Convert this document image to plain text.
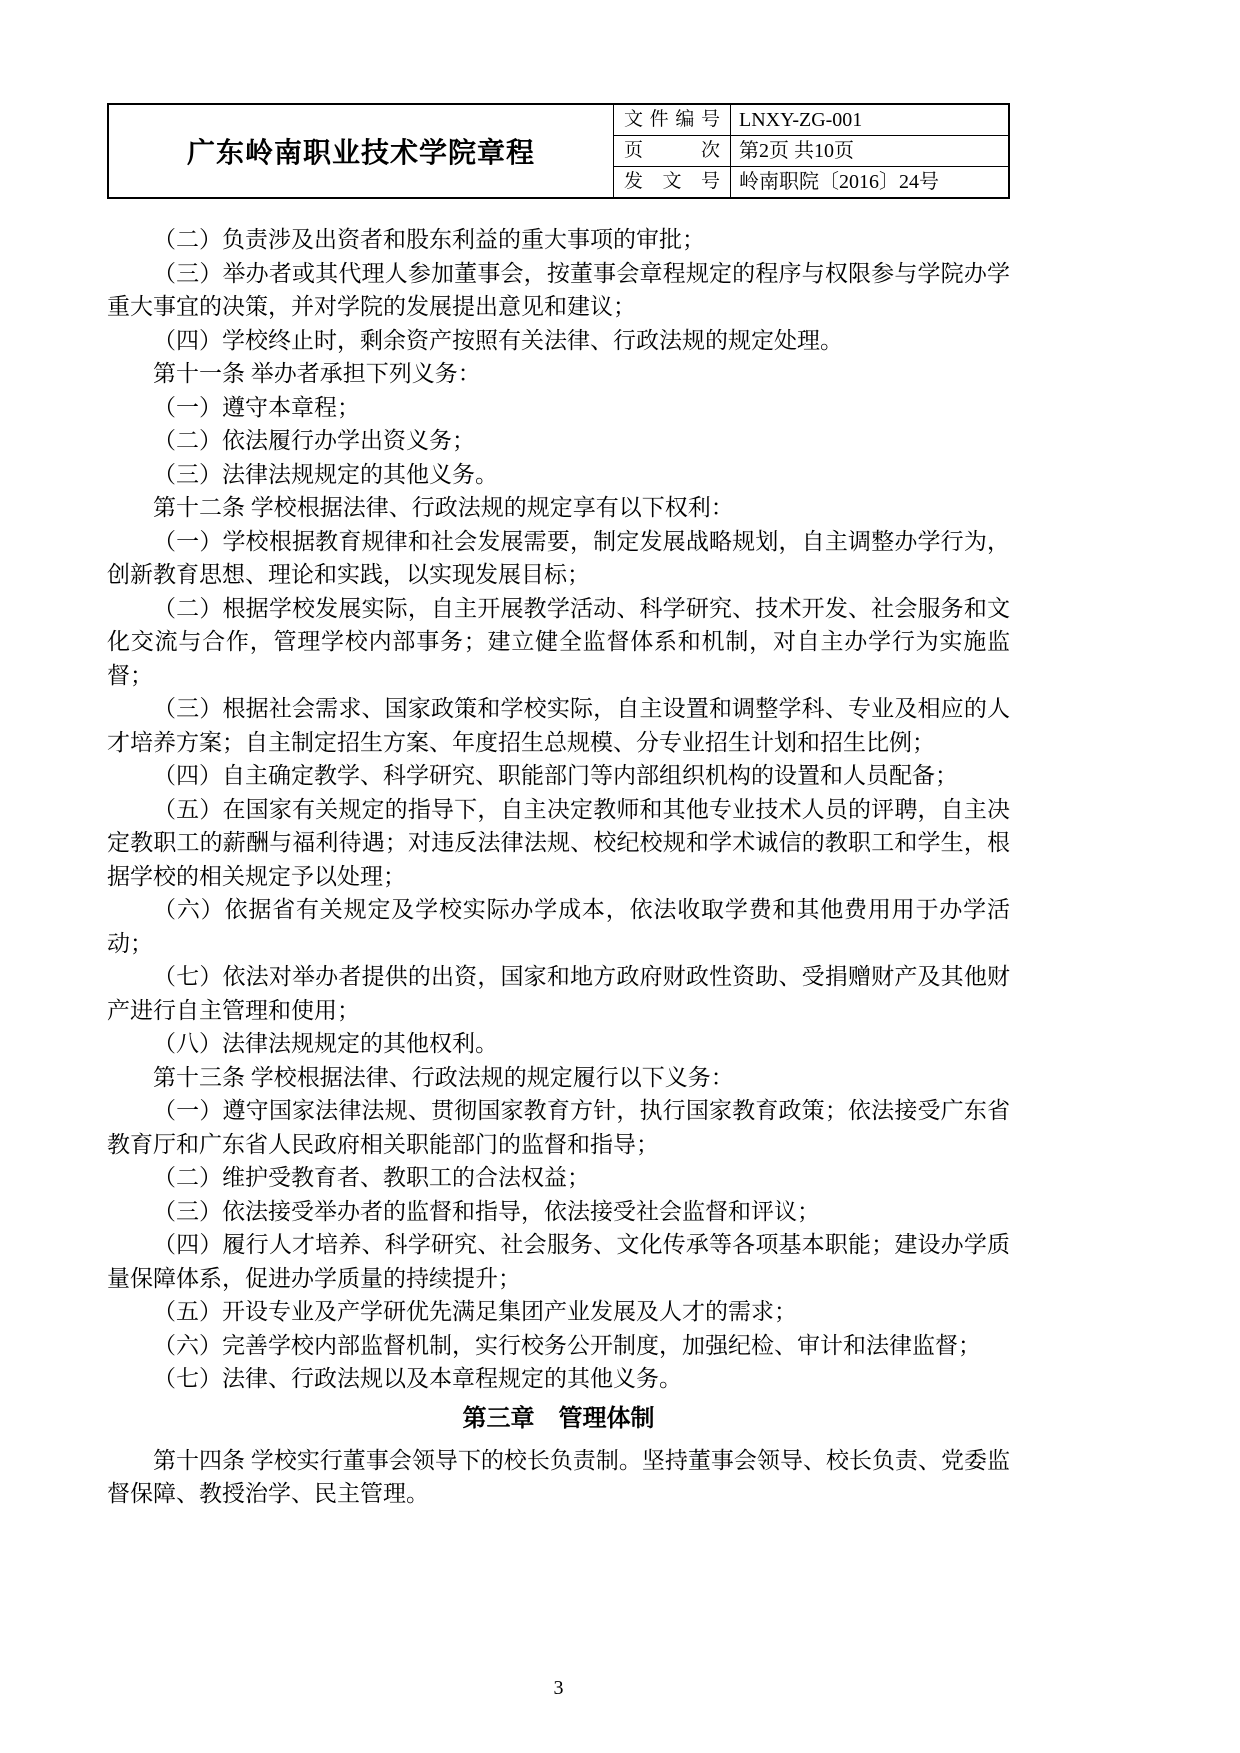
广东岭南职业技术学院章程
文件编号 LNXY-ZG-001
页次 第2页 共10页
发文号 岭南职院〔2016〕24号

（二）负责涉及出资者和股东利益的重大事项的审批；

（三）举办者或其代理人参加董事会，按董事会章程规定的程序与权限参与学院办学重大事宜的决策，并对学院的发展提出意见和建议；

（四）学校终止时，剩余资产按照有关法律、行政法规的规定处理。

第十一条 举办者承担下列义务：

（一）遵守本章程；

（二）依法履行办学出资义务；

（三）法律法规规定的其他义务。

第十二条 学校根据法律、行政法规的规定享有以下权利：

（一）学校根据教育规律和社会发展需要，制定发展战略规划，自主调整办学行为，创新教育思想、理论和实践，以实现发展目标；

（二）根据学校发展实际，自主开展教学活动、科学研究、技术开发、社会服务和文化交流与合作，管理学校内部事务；建立健全监督体系和机制，对自主办学行为实施监督；

（三）根据社会需求、国家政策和学校实际，自主设置和调整学科、专业及相应的人才培养方案；自主制定招生方案、年度招生总规模、分专业招生计划和招生比例；

（四）自主确定教学、科学研究、职能部门等内部组织机构的设置和人员配备；

（五）在国家有关规定的指导下，自主决定教师和其他专业技术人员的评聘，自主决定教职工的薪酬与福利待遇；对违反法律法规、校纪校规和学术诚信的教职工和学生，根据学校的相关规定予以处理；

（六）依据省有关规定及学校实际办学成本，依法收取学费和其他费用用于办学活动；

（七）依法对举办者提供的出资，国家和地方政府财政性资助、受捐赠财产及其他财产进行自主管理和使用；

（八）法律法规规定的其他权利。

第十三条 学校根据法律、行政法规的规定履行以下义务：

（一）遵守国家法律法规、贯彻国家教育方针，执行国家教育政策；依法接受广东省教育厅和广东省人民政府相关职能部门的监督和指导；

（二）维护受教育者、教职工的合法权益；

（三）依法接受举办者的监督和指导，依法接受社会监督和评议；

（四）履行人才培养、科学研究、社会服务、文化传承等各项基本职能；建设办学质量保障体系，促进办学质量的持续提升；

（五）开设专业及产学研优先满足集团产业发展及人才的需求；

（六）完善学校内部监督机制，实行校务公开制度，加强纪检、审计和法律监督；

（七）法律、行政法规以及本章程规定的其他义务。

第三章　管理体制

第十四条 学校实行董事会领导下的校长负责制。坚持董事会领导、校长负责、党委监督保障、教授治学、民主管理。

3
